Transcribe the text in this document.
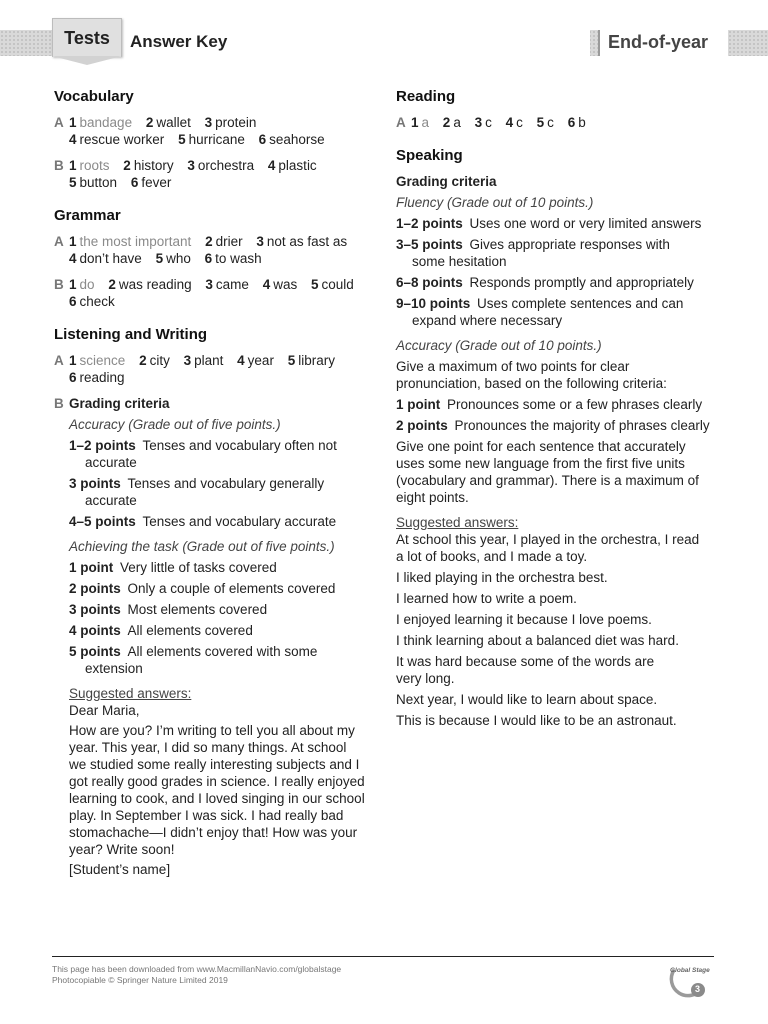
Tests	Answer Key	End-of-year
Vocabulary
A 1 bandage 2 wallet 3 protein 4 rescue worker 5 hurricane 6 seahorse
B 1 roots 2 history 3 orchestra 4 plastic 5 button 6 fever
Grammar
A 1 the most important 2 drier 3 not as fast as 4 don’t have 5 who 6 to wash
B 1 do 2 was reading 3 came 4 was 5 could 6 check
Listening and Writing
A 1 science 2 city 3 plant 4 year 5 library 6 reading
B Grading criteria
Accuracy (Grade out of five points.)
1–2 points  Tenses and vocabulary often not
accurate
3 points  Tenses and vocabulary generally
accurate
4–5 points  Tenses and vocabulary accurate
Achieving the task (Grade out of five points.)
1 point  Very little of tasks covered
2 points  Only a couple of elements covered
3 points  Most elements covered
4 points  All elements covered
5 points  All elements covered with some extension
Suggested answers:
Dear Maria,
How are you? I’m writing to tell you all about my
year. This year, I did so many things. At school
we studied some really interesting subjects and I
got really good grades in science. I really enjoyed
learning to cook, and I loved singing in our school
play. In September I was sick. I had really bad
stomachache—I didn’t enjoy that! How was your
year? Write soon!
[Student’s name]
Reading
A 1 a 2 a 3 c 4 c 5 c 6 b
Speaking
Grading criteria
Fluency (Grade out of 10 points.)
1–2 points  Uses one word or very limited answers
3–5 points  Gives appropriate responses with
some hesitation
6–8 points  Responds promptly and appropriately
9–10 points  Uses complete sentences and can
expand where necessary
Accuracy (Grade out of 10 points.)
Give a maximum of two points for clear
pronunciation, based on the following criteria:
1 point  Pronounces some or a few phrases clearly
2 points  Pronounces the majority of phrases clearly
Give one point for each sentence that accurately
uses some new language from the first five units
(vocabulary and grammar). There is a maximum of
eight points.
Suggested answers:
At school this year, I played in the orchestra, I read
a lot of books, and I made a toy.
I liked playing in the orchestra best.
I learned how to write a poem.
I enjoyed learning it because I love poems.
I think learning about a balanced diet was hard.
It was hard because some of the words are
very long.
Next year, I would like to learn about space.
This is because I would like to be an astronaut.
This page has been downloaded from www.MacmillanNavio.com/globalstage
Photocopiable © Springer Nature Limited 2019
Global Stage
3
